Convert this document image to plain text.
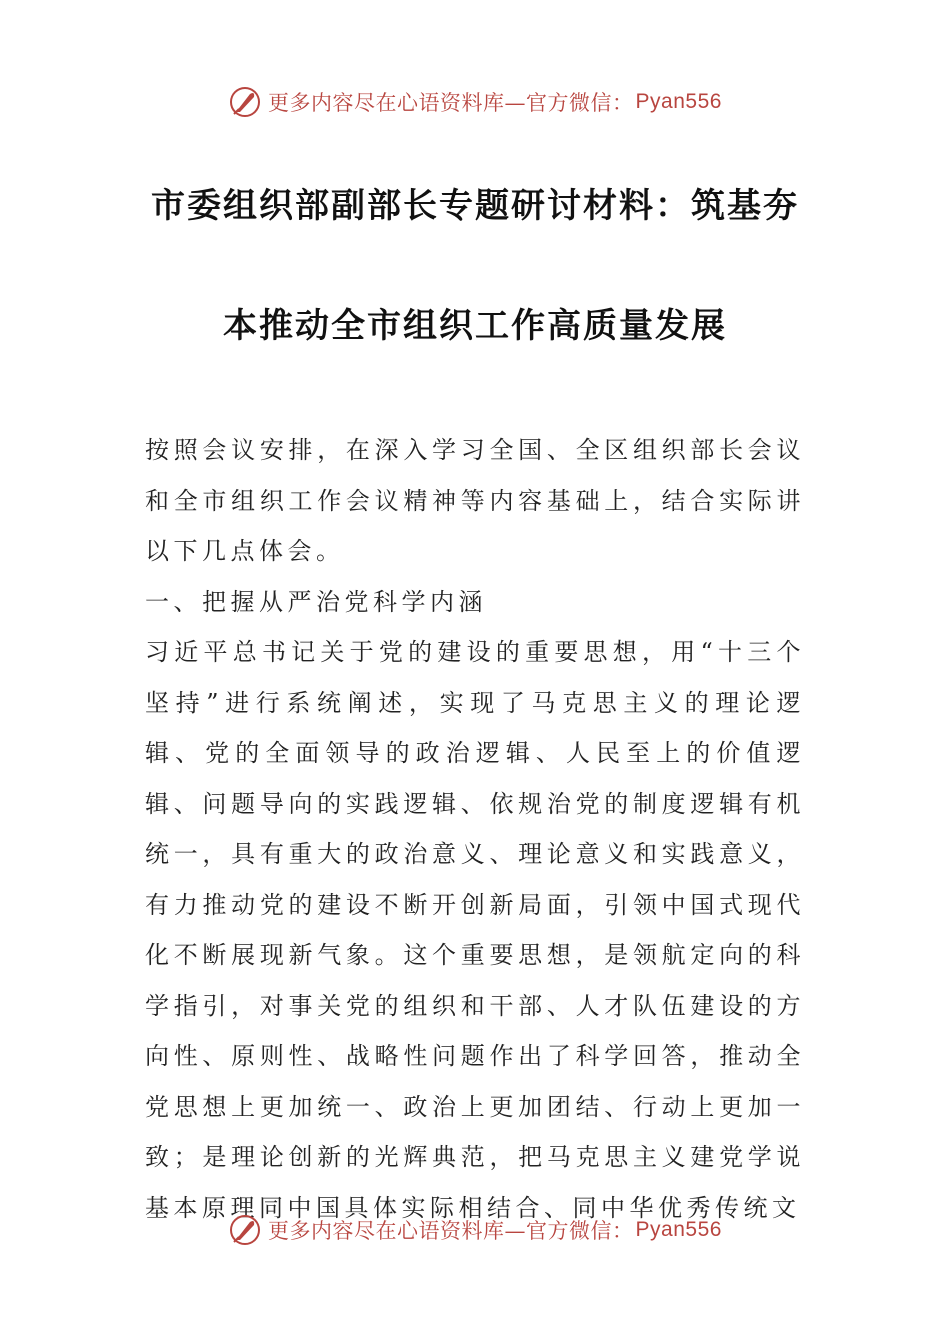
更多内容尽在心语资料库—官方微信： Pyan556
市委组织部副部长专题研讨材料：筑基夯
本推动全市组织工作高质量发展

按照会议安排，在深入学习全国、全区组织部长会议和全市组织工作会议精神等内容基础上，结合实际讲以下几点体会。

一、把握从严治党科学内涵

习近平总书记关于党的建设的重要思想，用“十三个坚持”进行系统阐述，实现了马克思主义的理论逻辑、党的全面领导的政治逻辑、人民至上的价值逻辑、问题导向的实践逻辑、依规治党的制度逻辑有机统一，具有重大的政治意义、理论意义和实践意义，有力推动党的建设不断开创新局面，引领中国式现代化不断展现新气象。这个重要思想，是领航定向的科学指引，对事关党的组织和干部、人才队伍建设的方向性、原则性、战略性问题作出了科学回答，推动全党思想上更加统一、政治上更加团结、行动上更加一致；是理论创新的光辉典范，把马克思主义建党学说基本原理同中国具体实际相结合、同中华优秀传统文

更多内容尽在心语资料库—官方微信： Pyan556
